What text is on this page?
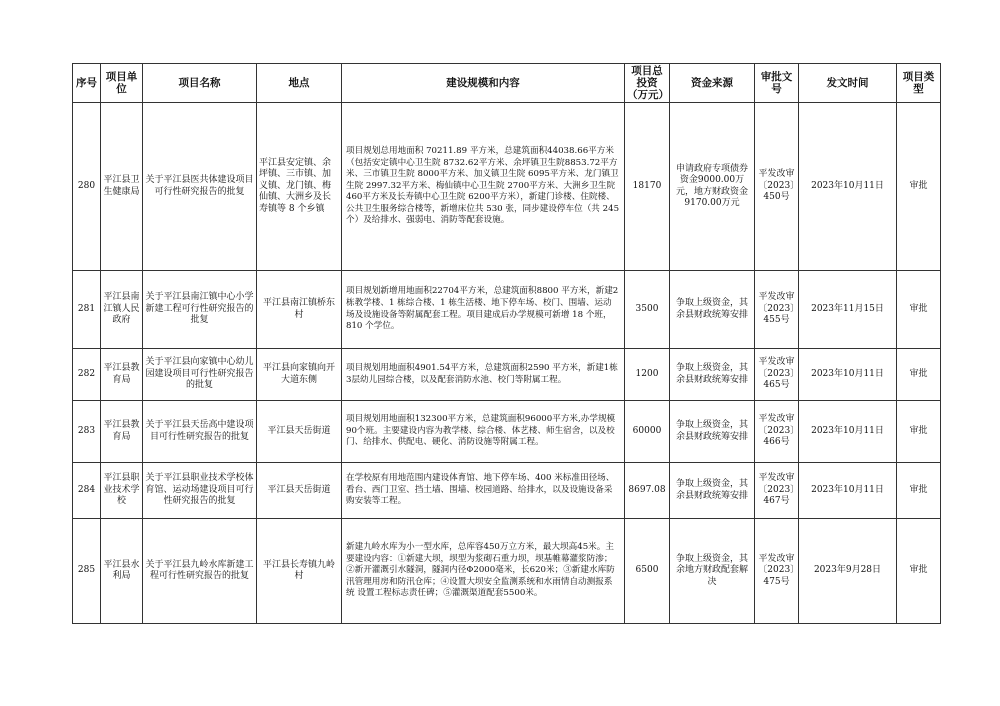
序号	项目单位	项目名称	地点	建设规模和内容	项目总投资（万元）	资金来源	审批文号	发文时间	项目类型
280	平江县卫生健康局	关于平江县医共体建设项目可行性研究报告的批复	平江县安定镇、余坪镇、三市镇、加义镇、龙门镇、梅仙镇、大洲乡及长寿镇等 8 个乡镇	项目规划总用地面积 70211.89 平方米，总建筑面积44038.66平方米（包括安定镇中心卫生院 8732.62平方米、余坪镇卫生院8853.72平方米、三市镇卫生院 8000平方米、加义镇卫生院 6095平方米、龙门镇卫生院 2997.32平方米、梅仙镇中心卫生院 2700平方米、大洲乡卫生院 460平方米及长寿镇中心卫生院 6200平方米），新建门诊楼、住院楼、公共卫生服务综合楼等，新增床位共 530 张，同步建设停车位（共 245 个）及给排水、强弱电、消防等配套设施。	18170	申请政府专项债券资金9000.00万元，地方财政资金9170.00万元	平发改审〔2023〕450号	2023年10月11日	审批
281	平江县南江镇人民政府	关于平江县南江镇中心小学新建工程可行性研究报告的批复	平江县南江镇桥东村	项目规划新增用地面积22704平方米，总建筑面积8800 平方米，新建2 栋教学楼、1 栋综合楼、1 栋生活楼、地下停车场、校门、围墙、运动场及设施设备等附属配套工程。项目建成后办学规模可新增 18 个班，810 个学位。	3500	争取上级资金，其余县财政统筹安排	平发改审〔2023〕455号	2023年11月15日	审批
282	平江县教育局	关于平江县向家镇中心幼儿园建设项目可行性研究报告的批复	平江县向家镇向开大道东侧	项目规划用地面积4901.54平方米，总建筑面积2590 平方米，新建1栋3层幼儿园综合楼，以及配套消防水池、校门等附属工程。	1200	争取上级资金，其余县财政统筹安排	平发改审〔2023〕465号	2023年10月11日	审批
283	平江县教育局	关于平江县天岳高中建设项目可行性研究报告的批复	平江县天岳街道	项目规划用地面积132300平方米，总建筑面积96000平方米,办学规模90个班。主要建设内容为教学楼、综合楼、体艺楼、师生宿舍，以及校门、给排水、供配电、硬化、消防设施等附属工程。	60000	争取上级资金，其余县财政统筹安排	平发改审〔2023〕466号	2023年10月11日	审批
284	平江县职业技术学校	关于平江县职业技术学校体育馆、运动场建设项目可行性研究报告的批复	平江县天岳街道	在学校原有用地范围内建设体育馆、地下停车场、400 米标准田径场、看台、西门卫室、挡土墙、围墙、校园道路、给排水，以及设施设备采购安装等工程。	8697.08	争取上级资金，其余县财政统筹安排	平发改审〔2023〕467号	2023年10月11日	审批
285	平江县水利局	关于平江县九岭水库新建工程可行性研究报告的批复	平江县长寿镇九岭村	新建九岭水库为小一型水库，总库容450万立方米，最大坝高45米。主要建设内容：①新建大坝，坝型为浆砌石重力坝，坝基帷幕灌浆防渗；②新开灌溉引水隧洞，隧洞内径Φ2000毫米，长620米；③新建水库防汛管理用房和防汛仓库；④设置大坝安全监测系统和水雨情自动测报系统 设置工程标志责任碑；⑤灌溉渠道配套5500米。	6500	争取上级资金，其余地方财政配套解决	平发改审〔2023〕475号	2023年9月28日	审批
